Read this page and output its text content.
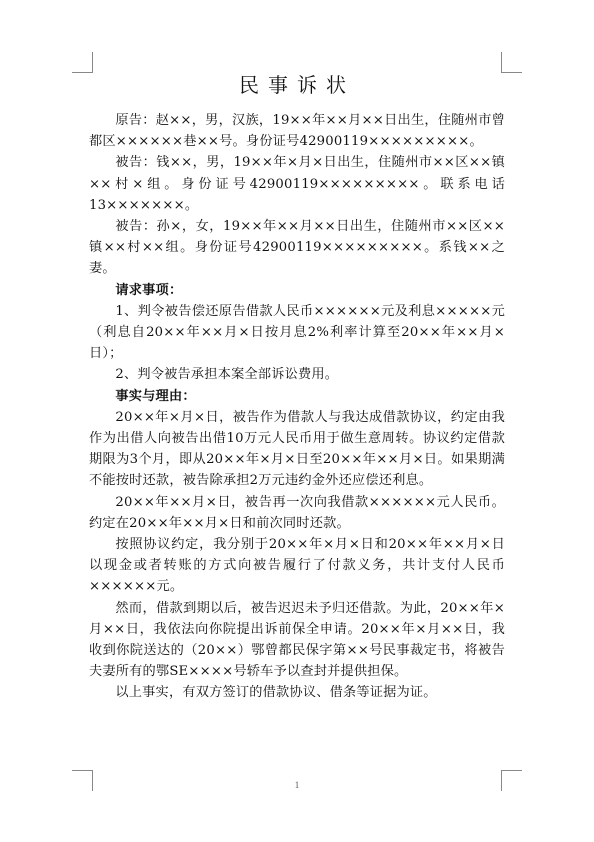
民事诉状

原告：赵××，男，汉族，19××年××月××日出生，住随州市曾都区××××××巷××号。身份证号42900119×××××××××。

被告：钱××，男，19××年×月×日出生，住随州市××区××镇××村×组。身份证号42900119×××××××××。联系电话13×××××××。

被告：孙×，女，19××年××月××日出生，住随州市××区××镇××村××组。身份证号42900119×××××××××。系钱××之妻。

请求事项：

1、判令被告偿还原告借款人民币××××××元及利息×××××元（利息自20××年××月×日按月息2%利率计算至20××年××月×日）；

2、判令被告承担本案全部诉讼费用。

事实与理由：

20××年×月×日，被告作为借款人与我达成借款协议，约定由我作为出借人向被告出借10万元人民币用于做生意周转。协议约定借款期限为3个月，即从20××年×月×日至20××年××月×日。如果期满不能按时还款，被告除承担2万元违约金外还应偿还利息。

20××年××月×日，被告再一次向我借款××××××元人民币。约定在20××年××月×日和前次同时还款。

按照协议约定，我分别于20××年×月×日和20××年××月×日以现金或者转账的方式向被告履行了付款义务，共计支付人民币××××××元。

然而，借款到期以后，被告迟迟未予归还借款。为此，20××年×月××日，我依法向你院提出诉前保全申请。20××年×月××日，我收到你院送达的（20××）鄂曾都民保字第××号民事裁定书，将被告夫妻所有的鄂SE××××号轿车予以查封并提供担保。

以上事实，有双方签订的借款协议、借条等证据为证。

1
